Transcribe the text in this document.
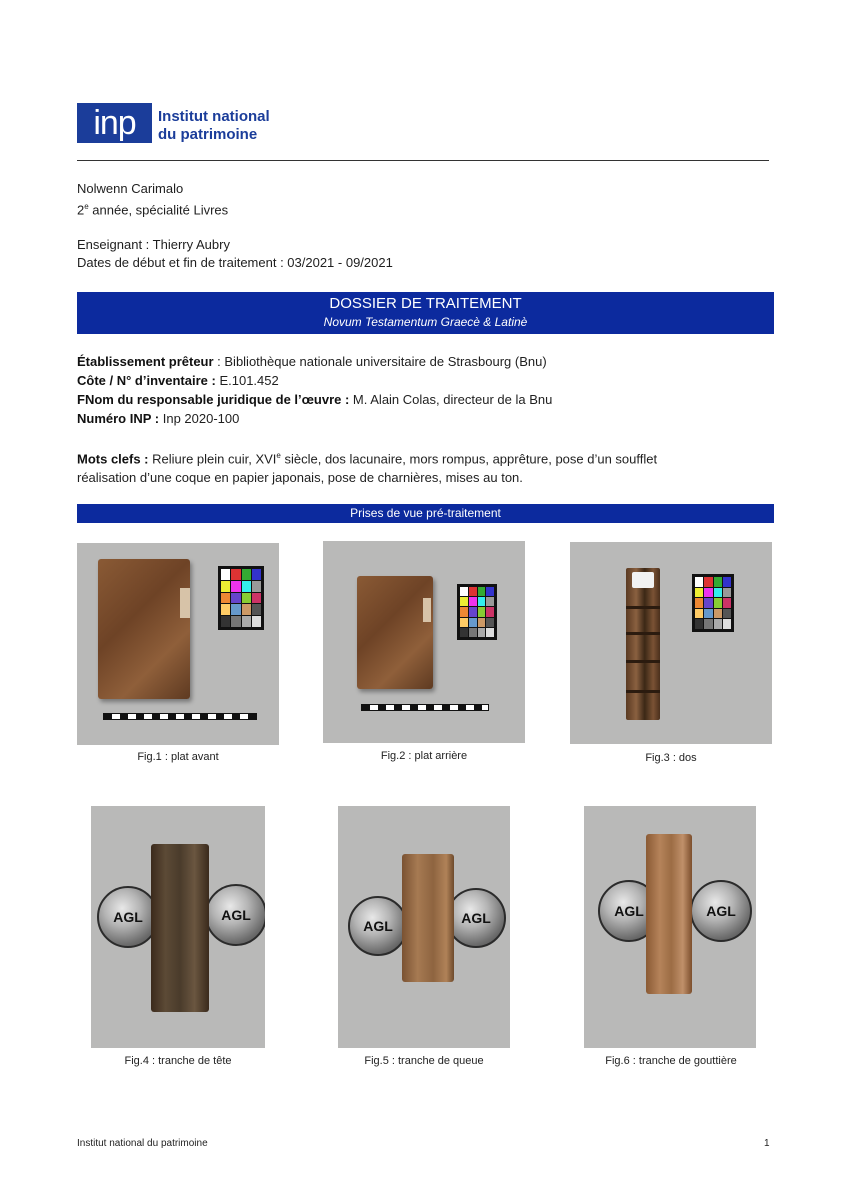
inp	Institut national
du patrimoine
Nolwenn Carimalo
2e année, spécialité Livres
Enseignant : Thierry Aubry
Dates de début et fin de traitement : 03/2021 - 09/2021
DOSSIER DE TRAITEMENT
Novum Testamentum Graecè & Latinè
Établissement prêteur : Bibliothèque nationale universitaire de Strasbourg (Bnu)
Côte / N° d’inventaire : E.101.452
FNom du responsable juridique de l’œuvre : M. Alain Colas, directeur de la Bnu
Numéro INP : Inp 2020-100
Mots clefs : Reliure plein cuir, XVIe siècle, dos lacunaire, mors rompus, apprêture, pose d’un soufflet
réalisation d’une coque en papier japonais, pose de charnières, mises au ton.
Prises de vue pré-traitement
Fig.1 : plat avant	Fig.2 : plat arrière	Fig.3 : dos
AGL	AGL
Fig.4 : tranche de tête
AGL	AGL
Fig.5 : tranche de queue
AGL	AGL
Fig.6 : tranche de gouttière
Institut national du patrimoine	1
